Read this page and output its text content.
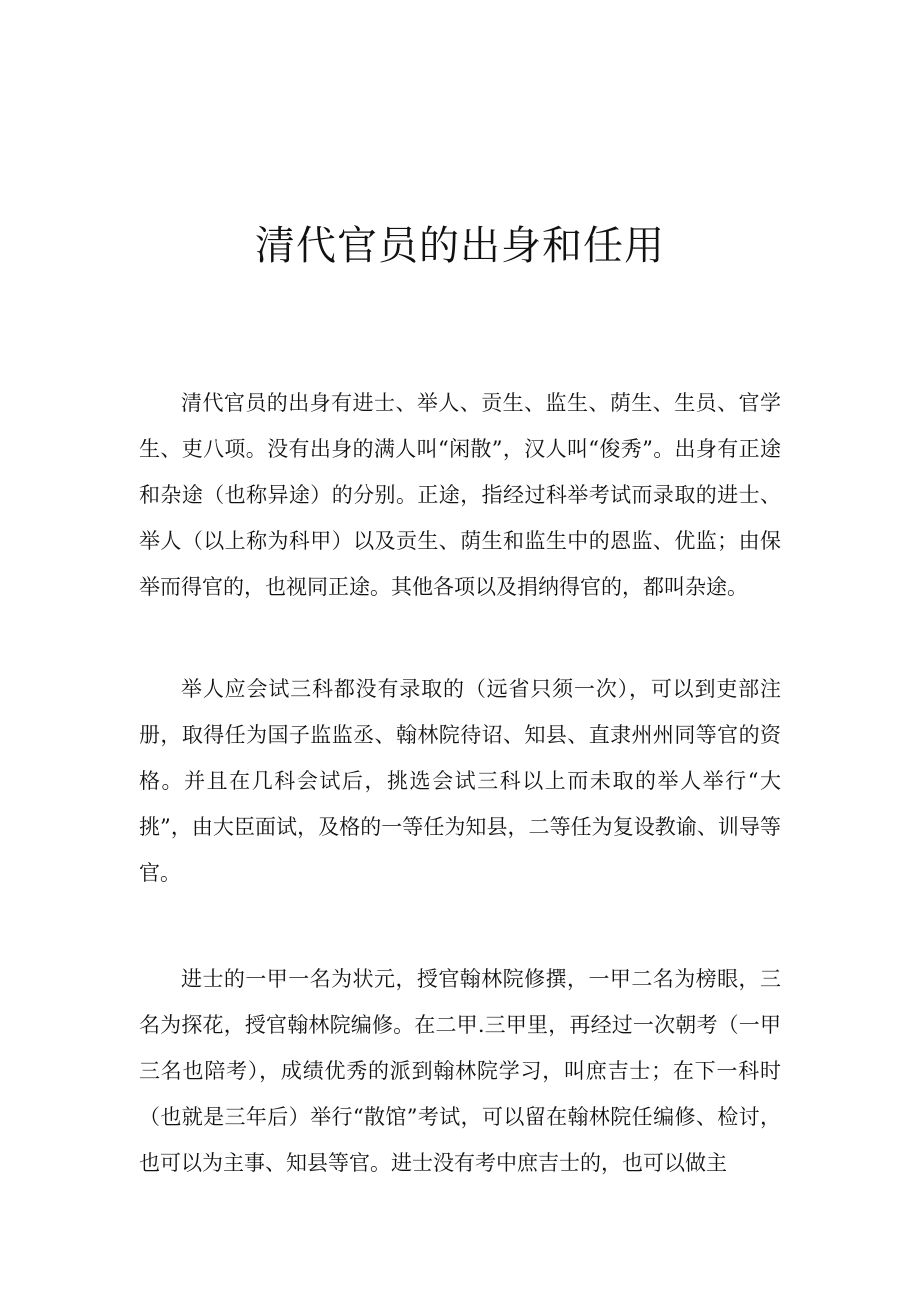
清代官员的出身和任用

清代官员的出身有进士、举人、贡生、监生、荫生、生员、官学生、吏八项。没有出身的满人叫“闲散”，汉人叫“俊秀”。出身有正途和杂途（也称异途）的分别。正途，指经过科举考试而录取的进士、举人（以上称为科甲）以及贡生、荫生和监生中的恩监、优监；由保举而得官的，也视同正途。其他各项以及捐纳得官的，都叫杂途。

举人应会试三科都没有录取的（远省只须一次），可以到吏部注册，取得任为国子监监丞、翰林院待诏、知县、直隶州州同等官的资格。并且在几科会试后，挑选会试三科以上而未取的举人举行“大挑”，由大臣面试，及格的一等任为知县，二等任为复设教谕、训导等官。

进士的一甲一名为状元，授官翰林院修撰，一甲二名为榜眼，三名为探花，授官翰林院编修。在二甲.三甲里，再经过一次朝考（一甲三名也陪考），成绩优秀的派到翰林院学习，叫庶吉士；在下一科时（也就是三年后）举行“散馆”考试，可以留在翰林院任编修、检讨，也可以为主事、知县等官。进士没有考中庶吉士的，也可以做主
